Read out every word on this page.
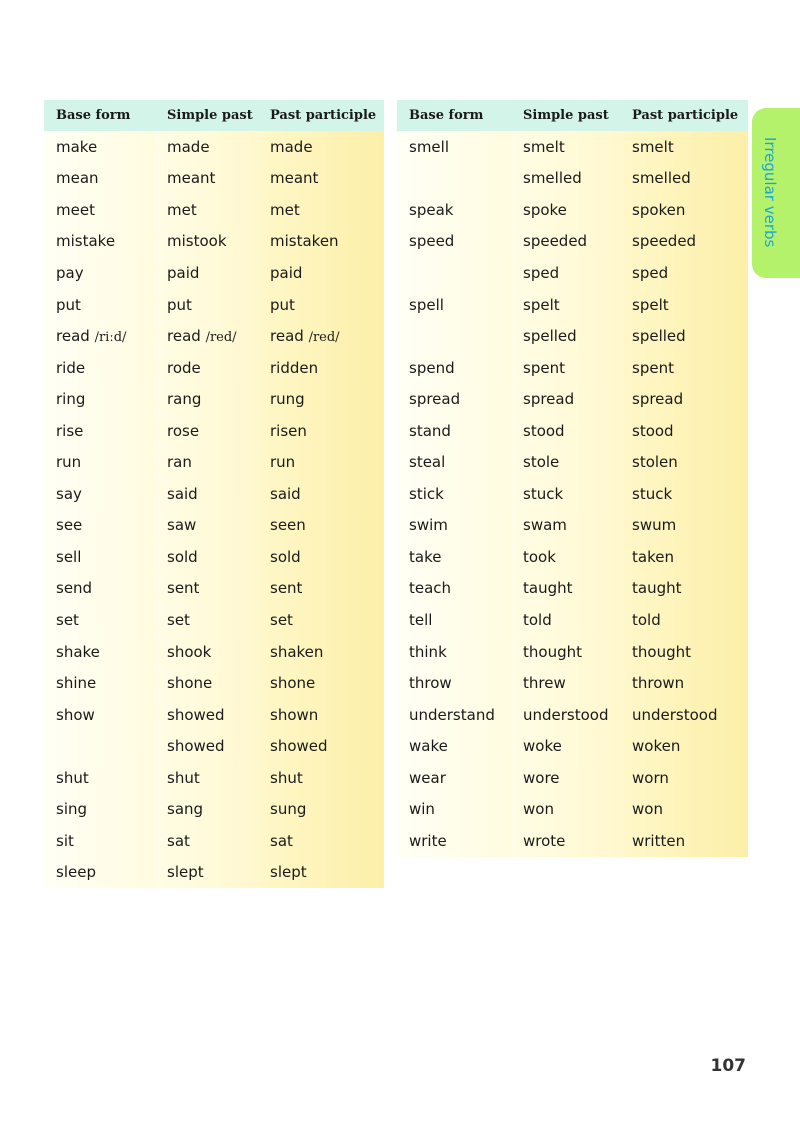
Base form	Simple past	Past participle
make	made	made
mean	meant	meant
meet	met	met
mistake	mistook	mistaken
pay	paid	paid
put	put	put
read /riːd/	read /red/	read /red/
ride	rode	ridden
ring	rang	rung
rise	rose	risen
run	ran	run
say	said	said
see	saw	seen
sell	sold	sold
send	sent	sent
set	set	set
shake	shook	shaken
shine	shone	shone
show	showed	shown
	showed	showed
shut	shut	shut
sing	sang	sung
sit	sat	sat
sleep	slept	slept
Base form	Simple past	Past participle
smell	smelt	smelt
	smelled	smelled
speak	spoke	spoken
speed	speeded	speeded
	sped	sped
spell	spelt	spelt
	spelled	spelled
spend	spent	spent
spread	spread	spread
stand	stood	stood
steal	stole	stolen
stick	stuck	stuck
swim	swam	swum
take	took	taken
teach	taught	taught
tell	told	told
think	thought	thought
throw	threw	thrown
understand	understood	understood
wake	woke	woken
wear	wore	worn
win	won	won
write	wrote	written
Irregular verbs
107
